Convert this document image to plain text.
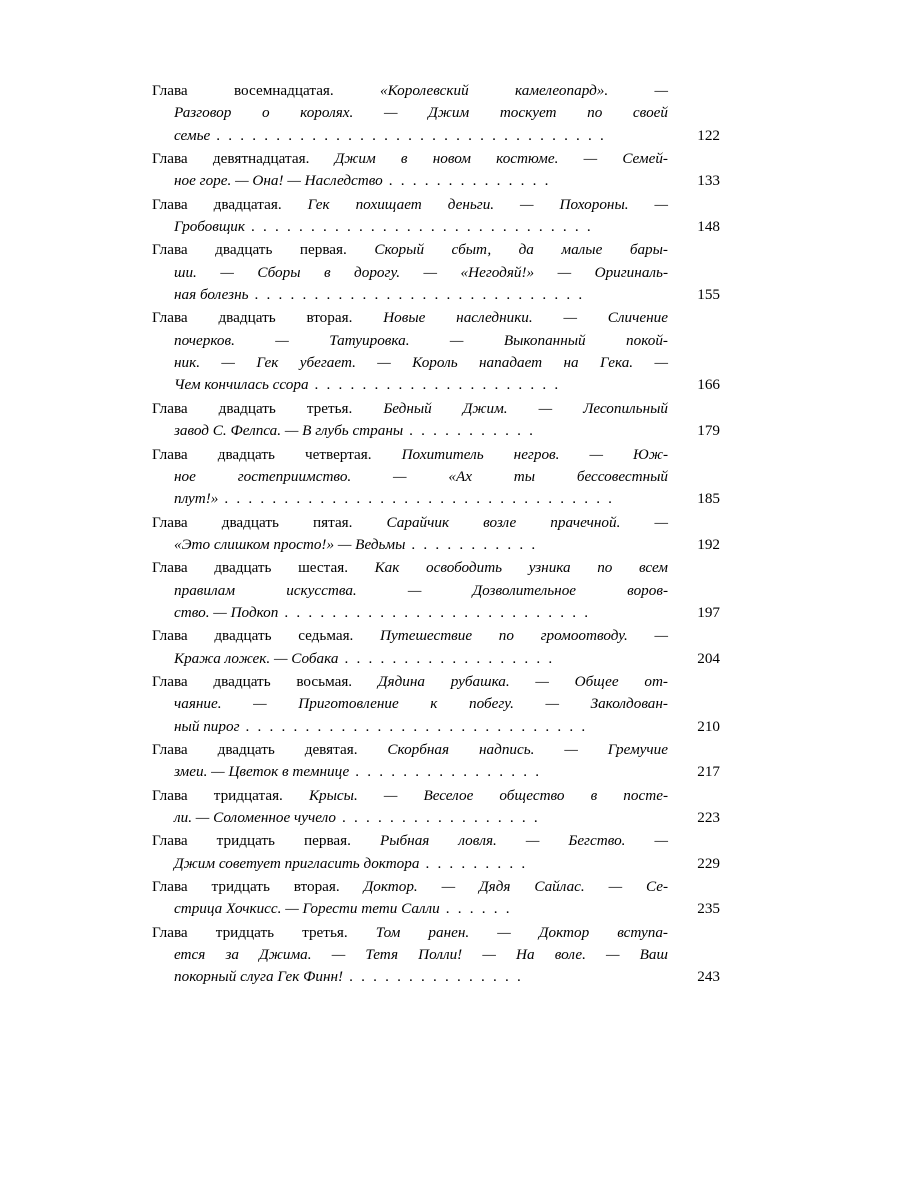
Глава восемнадцатая. «Королевский камелеопард». —
Разговор о королях. — Джим тоскует по своей
семье . . . . . . . . . . . . . . . . . . . . . . . . . . . . . . . . .	122
Глава девятнадцатая. Джим в новом костюме. — Семей-
ное горе. — Она! — Наследство . . . . . . . . . . . . . .	133
Глава двадцатая. Гек похищает деньги. — Похороны. —
Гробовщик . . . . . . . . . . . . . . . . . . . . . . . . . . . . .	148
Глава двадцать первая. Скорый сбыт, да малые бары-
ши. — Сборы в дорогу. — «Негодяй!» — Оригиналь-
ная болезнь . . . . . . . . . . . . . . . . . . . . . . . . . . . .	155
Глава двадцать вторая. Новые наследники. — Сличение
почерков. — Татуировка. — Выкопанный покой-
ник. — Гек убегает. — Король нападает на Гека. —
Чем кончилась ссора . . . . . . . . . . . . . . . . . . . . .	166
Глава двадцать третья. Бедный Джим. — Лесопильный
завод С. Фелпса. — В глубь страны . . . . . . . . . . .	179
Глава двадцать четвертая. Похититель негров. — Юж-
ное гостеприимство. — «Ах ты бессовестный
плут!» . . . . . . . . . . . . . . . . . . . . . . . . . . . . . . . . .	185
Глава двадцать пятая. Сарайчик возле прачечной. —
«Это слишком просто!» — Ведьмы . . . . . . . . . . .	192
Глава двадцать шестая. Как освободить узника по всем
правилам искусства. — Дозволительное воров-
ство. — Подкоп . . . . . . . . . . . . . . . . . . . . . . . . . .	197
Глава двадцать седьмая. Путешествие по громоотводу. —
Кража ложек. — Собака . . . . . . . . . . . . . . . . . .	204
Глава двадцать восьмая. Дядина рубашка. — Общее от-
чаяние. — Приготовление к побегу. — Заколдован-
ный пирог . . . . . . . . . . . . . . . . . . . . . . . . . . . . .	210
Глава двадцать девятая. Скорбная надпись. — Гремучие
змеи. — Цветок в темнице . . . . . . . . . . . . . . . .	217
Глава тридцатая. Крысы. — Веселое общество в посте-
ли. — Соломенное чучело . . . . . . . . . . . . . . . . .	223
Глава тридцать первая. Рыбная ловля. — Бегство. —
Джим советует пригласить доктора . . . . . . . . .	229
Глава тридцать вторая. Доктор. — Дядя Сайлас. — Се-
стрица Хочкисс. — Горести тети Салли . . . . . .	235
Глава тридцать третья. Том ранен. — Доктор вступа-
ется за Джима. — Тетя Полли! — На воле. — Ваш
покорный слуга Гек Финн! . . . . . . . . . . . . . . .	243
